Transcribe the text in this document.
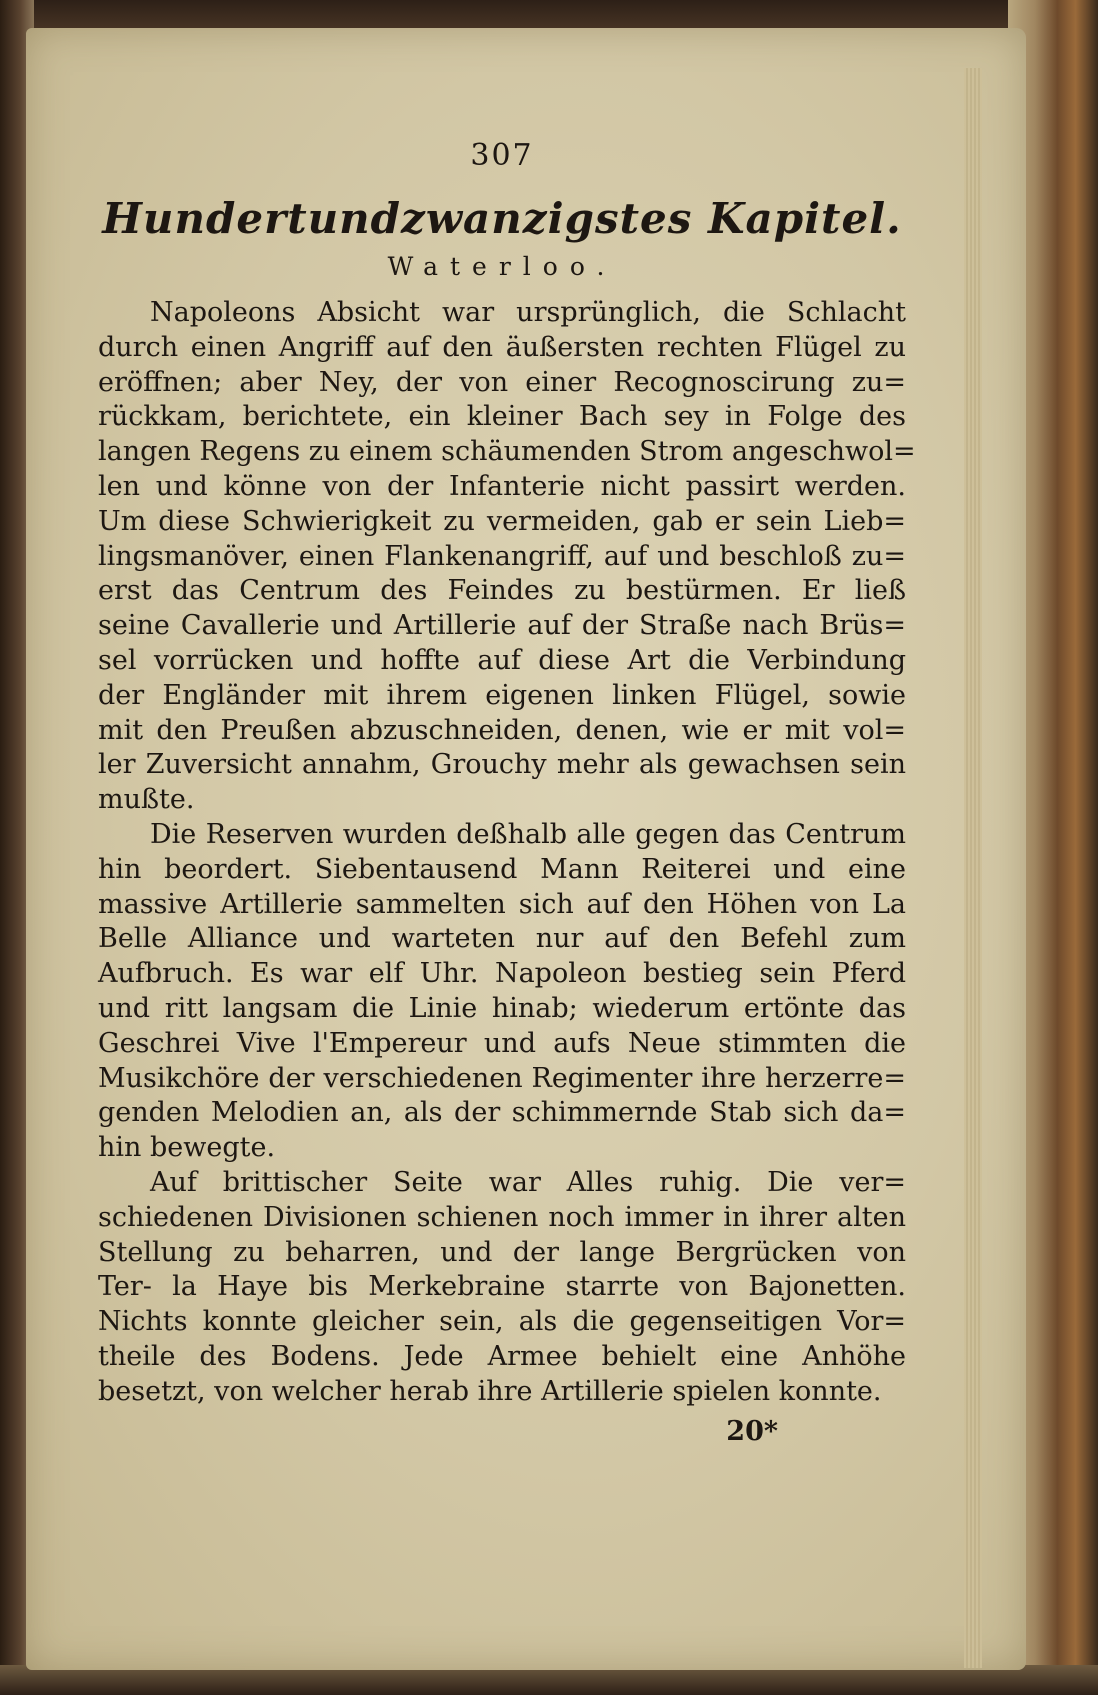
307
Hundertundzwanzigstes Kapitel.
Waterloo.
Napoleons Absicht war ursprünglich, die Schlacht
durch einen Angriff auf den äußersten rechten Flügel zu
eröffnen; aber Ney, der von einer Recognoscirung zu=
rückkam, berichtete, ein kleiner Bach sey in Folge des
langen Regens zu einem schäumenden Strom angeschwol=
len und könne von der Infanterie nicht passirt werden.
Um diese Schwierigkeit zu vermeiden, gab er sein Lieb=
lingsmanöver, einen Flankenangriff, auf und beschloß zu=
erst das Centrum des Feindes zu bestürmen. Er ließ
seine Cavallerie und Artillerie auf der Straße nach Brüs=
sel vorrücken und hoffte auf diese Art die Verbindung
der Engländer mit ihrem eigenen linken Flügel, sowie
mit den Preußen abzuschneiden, denen, wie er mit vol=
ler Zuversicht annahm, Grouchy mehr als gewachsen sein
mußte.
Die Reserven wurden deßhalb alle gegen das Centrum
hin beordert. Siebentausend Mann Reiterei und eine
massive Artillerie sammelten sich auf den Höhen von La
Belle Alliance und warteten nur auf den Befehl zum
Aufbruch. Es war elf Uhr. Napoleon bestieg sein Pferd
und ritt langsam die Linie hinab; wiederum ertönte das
Geschrei Vive l'Empereur und aufs Neue stimmten die
Musikchöre der verschiedenen Regimenter ihre herzerre=
genden Melodien an, als der schimmernde Stab sich da=
hin bewegte.
Auf brittischer Seite war Alles ruhig. Die ver=
schiedenen Divisionen schienen noch immer in ihrer alten
Stellung zu beharren, und der lange Bergrücken von
Ter- la Haye bis Merkebraine starrte von Bajonetten.
Nichts konnte gleicher sein, als die gegenseitigen Vor=
theile des Bodens. Jede Armee behielt eine Anhöhe
besetzt, von welcher herab ihre Artillerie spielen konnte.
20*
